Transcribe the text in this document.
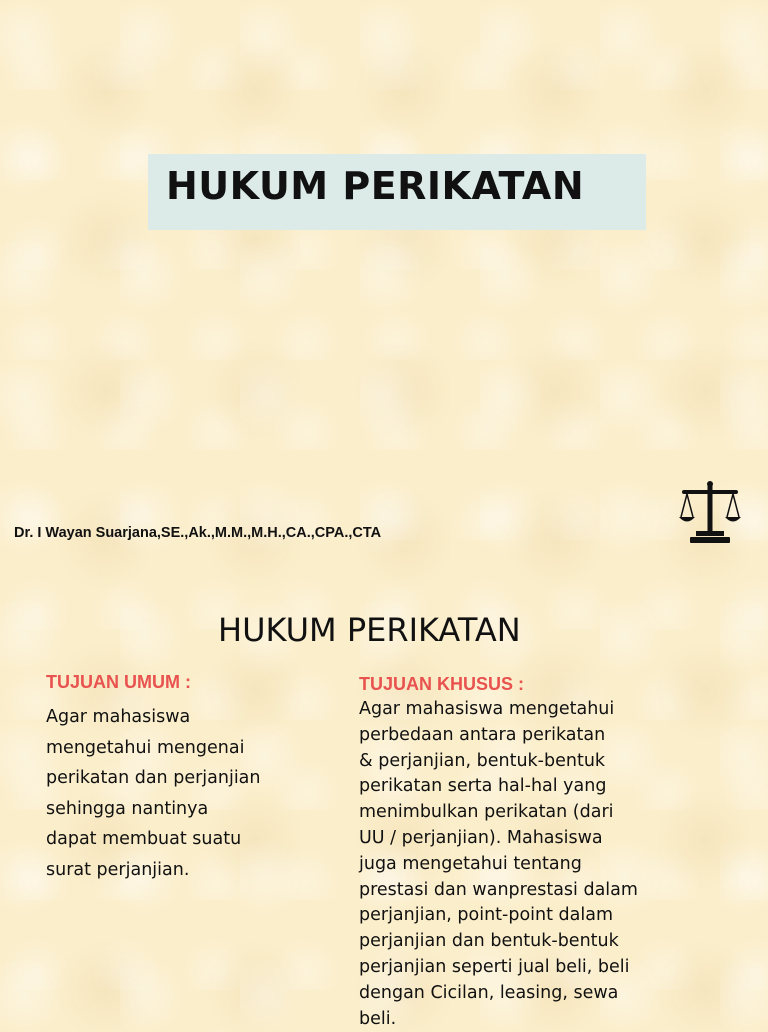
HUKUM PERIKATAN
Dr. I Wayan Suarjana,SE.,Ak.,M.M.,M.H.,CA.,CPA.,CTA
HUKUM PERIKATAN
TUJUAN UMUM :
Agar mahasiswa
mengetahui mengenai
perikatan dan perjanjian
sehingga nantinya
dapat membuat suatu
surat perjanjian.
TUJUAN KHUSUS :
Agar mahasiswa mengetahui
perbedaan antara perikatan
& perjanjian, bentuk-bentuk
perikatan serta hal-hal yang
menimbulkan perikatan (dari
UU / perjanjian). Mahasiswa
juga mengetahui tentang
prestasi dan wanprestasi dalam
perjanjian, point-point dalam
perjanjian dan bentuk-bentuk
perjanjian seperti jual beli, beli
dengan Cicilan, leasing, sewa
beli.
